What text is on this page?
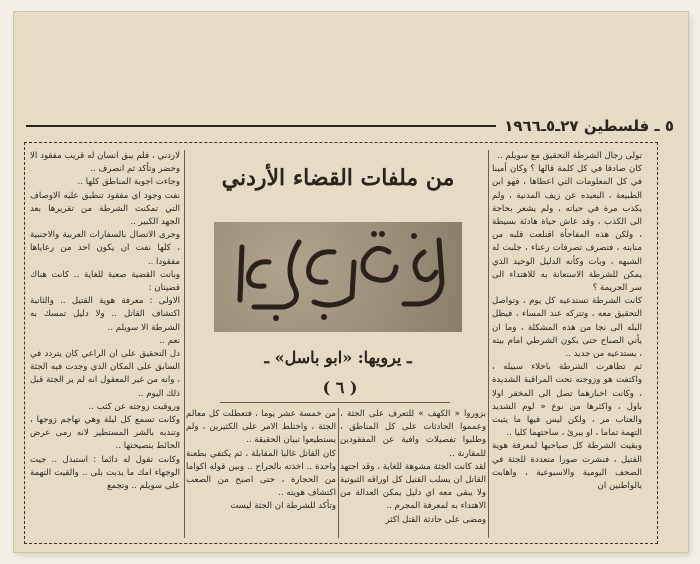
٥ ـ فلسطين ٢٧ـ٥ـ١٩٦٦

تولى رجال الشرطة التحقيق مع سويلم ..

كان صادقا في كل كلمة قالها ؟ وكان أمينا في كل المعلومات التي اعطاها ، فهو ابن الطبيعة ، البعيده عن زيف المدنية ، ولم يكذب مرة في حياته ، ولم يشعر بحاجة الى الكذب ، وقد عاش حياة هادئة بسيطة ، ولكن هذه المفاجأة اقتلعت قلبه من منابته ، فتصرف تصرفات رعناء ، جلبت له الشبهه ، وبات وكأنه الدليل الوحيد الذي يمكن للشرطة الاستعانة به للاهتداء الى سر الجريمة ؟

كانت الشرطة تستدعيه كل يوم ، وتواصل التحقيق معه ، وتتركه عند المساء ، فيظل البله الى نجا من هذه المشكلة ، وما ان يأتي الصباح حتى يكون الشرطي امام بيته ، يستدعيه من جديد ..

ثم تظاهرت الشرطة باخلاء سبيله ، واكتفت هو وزوجته تحت المراقبة الشديدة ، وكانت اخبارهما تصل الى المخفر اولا باول ، واكثرها من نوع « لوم الشديد والعتاب مر ، ولكن ليس فيها ما يثبت التهمة تماما ، او يبرئ ، ساحتهما كليا ..

وبقيت الشرطة كل صباحبها لمعرفة هوية القتيل ، فنشرت صورا متعددة للجثة في الصحف اليومية والاسبوعية ، واهابت بالواطنين ان

من ملفات القضاء الأردني
ـ يرويها: «ابو باسل» ـ
( ٦ )

بزوروا « الكهف » للتعرف على الجثة ، وعمموا الحادثات على كل المناطق ، وطلبوا تفصيلات وافية عن المفقودين للمقارنة ..

لقد كانت الجثة مشوهة للغاية ، وقد اجتهد القاتل ان يسلب القتيل كل اوراقه الثبوتية ولا يبقى معه اي دليل يمكن العدالة من الاهتداء به لمعرفة المجرم ..

ومضى على حادثة القتل اكثر

من خمسة عشر يوما ، فتعطلت كل معالم الجثة ، واختلط الامر على الكثيرين ، ولم يستطيعوا تبيان الحقيقة ..

كان القاتل غالبا المقابلة ، ثم يكتفي بطعنة واحدة .. اخذته بالجراح .. وبين قوله اكواما من الحجارة ، حتى اصبح من الصعب اكتشاف هويته ..

وتأكد للشرطة ان الجثة ليست

لاردني ، فلم يبق انسان له قريب مفقود الا وحضر وتأكد ثم انصرف ..

وجاءت اجوبة المناطق كلها ..

نفت وجود اي مفقود تنطبق عليه الاوصاف التي تمكنت الشرطة من تقريرها بعد الجهد الكبير ..

وجرى الاتصال بالسفارات العربية والاجنبية ، كلها نفت ان يكون احد من رعاياها مفقودا ..

وباتت القضية صعبة للغاية .. كانت هناك قضيتان :

الاولى : معرفة هوية القتيل .. والثانية اكتشاف القاتل .. ولا دليل تمسك به الشرطة الا سويلم ..

نعم ..

دل التحقيق على ان الراعي كان يتردد في السابق على المكان الذي وجدت فيه الجثة ، وانه من غير المعقول انه لم ير الجثة قبل ذلك اليوم ..

وروقبت زوجته عن كثب ..

وكانت تسمع كل ليلة وهي تهاجم زوجها ، وتندبه بالشر المستطير لانه رمى عرض الحائط بنصيحتها ..

وكانت تقول له دائما : استبدل .. جيت الوجهاء امك ما يدبت بلى .. والقيت التهمة على سويلم .. وتجمع
